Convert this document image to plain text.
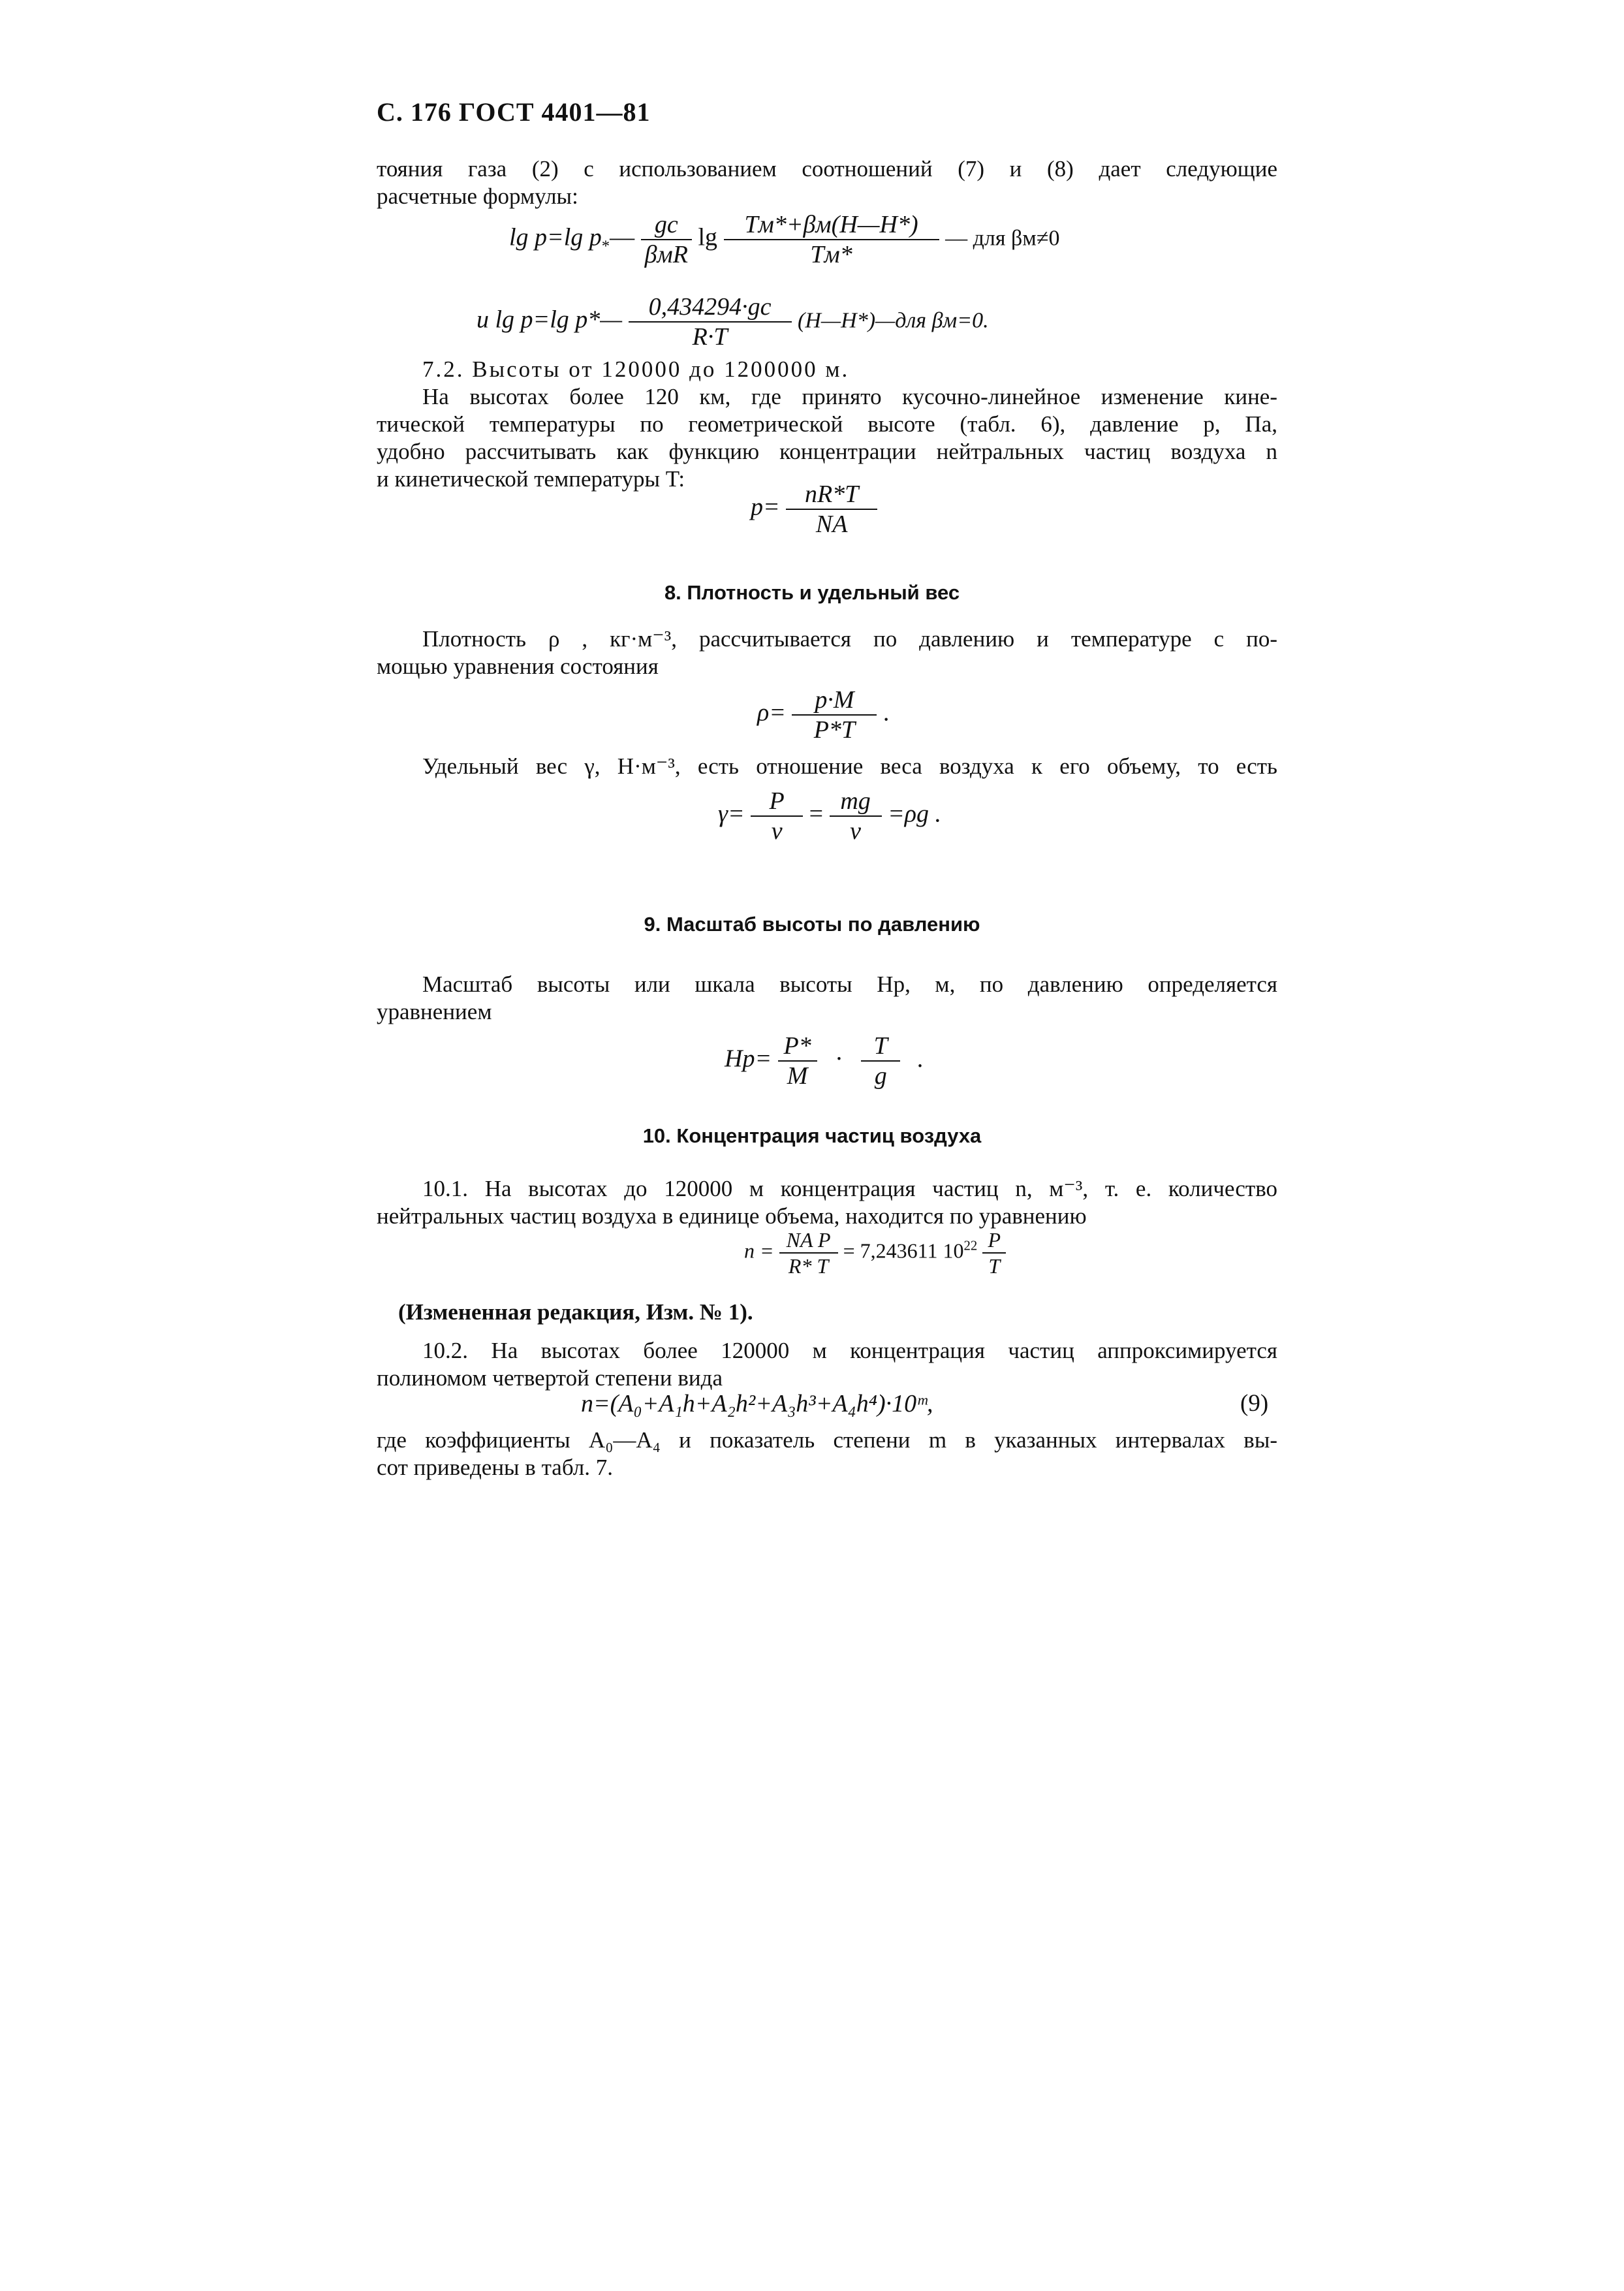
С. 176 ГОСТ 4401—81
тояния газа (2) с использованием соотношений (7) и (8) дает следующие
расчетные формулы:
lg p=lg $p_*— \frac{gc}{\text{βмR}}$ $\lg \frac{Tм*+\beta м(H—H*)}{Tм*}$ — для βм≠0
и lg p=lg p*— $\frac{0,434294\cdot gc}{R\cdot T}$ (H—H*)—для βм=0.
7.2. Высоты от 120000 до 1200000 м.
На высотах более 120 км, где принято кусочно-линейное изменение кине-
тической температуры по геометрической высоте (табл. 6), давление p, Па,
удобно рассчитывать как функцию концентрации нейтральных частиц воздуха n
и кинетической температуры T:
$p= \frac{nR*T}{NA}$
8. Плотность и удельный вес
Плотность ρ , кг·м⁻³, рассчитывается по давлению и температуре с по-
мощью уравнения состояния
$\rho= \frac{p\cdot M}{P*T}$ .
Удельный вес γ, Н·м⁻³, есть отношение веса воздуха к его объему, то есть
$\gamma= \frac{P}{v} = \frac{mg}{v} =\rho g$ .
9. Масштаб высоты по давлению
Масштаб высоты или шкала высоты Hp, м, по давлению определяется
уравнением
$Hp= \frac{P*}{M} \cdot \frac{T}{g}$ .
10. Концентрация частиц воздуха
10.1. На высотах до 120000 м концентрация частиц n, м⁻³, т. е. количество
нейтральных частиц воздуха в единице объема, находится по уравнению
$n = \frac{\text{NA P}}{R* T} = 7,243611$ $10^{22} \frac{P}{T}$
(Измененная редакция, Изм. № 1).
10.2. На высотах более 120000 м концентрация частиц аппроксимируется
полиномом четвертой степени вида
n=(A₀+A₁h+A₂h²+A₃h³+A₄h⁴)·10ᵐ,	(9)
где коэффициенты A₀—A₄ и показатель степени m в указанных интервалах вы-
сот приведены в табл. 7.
